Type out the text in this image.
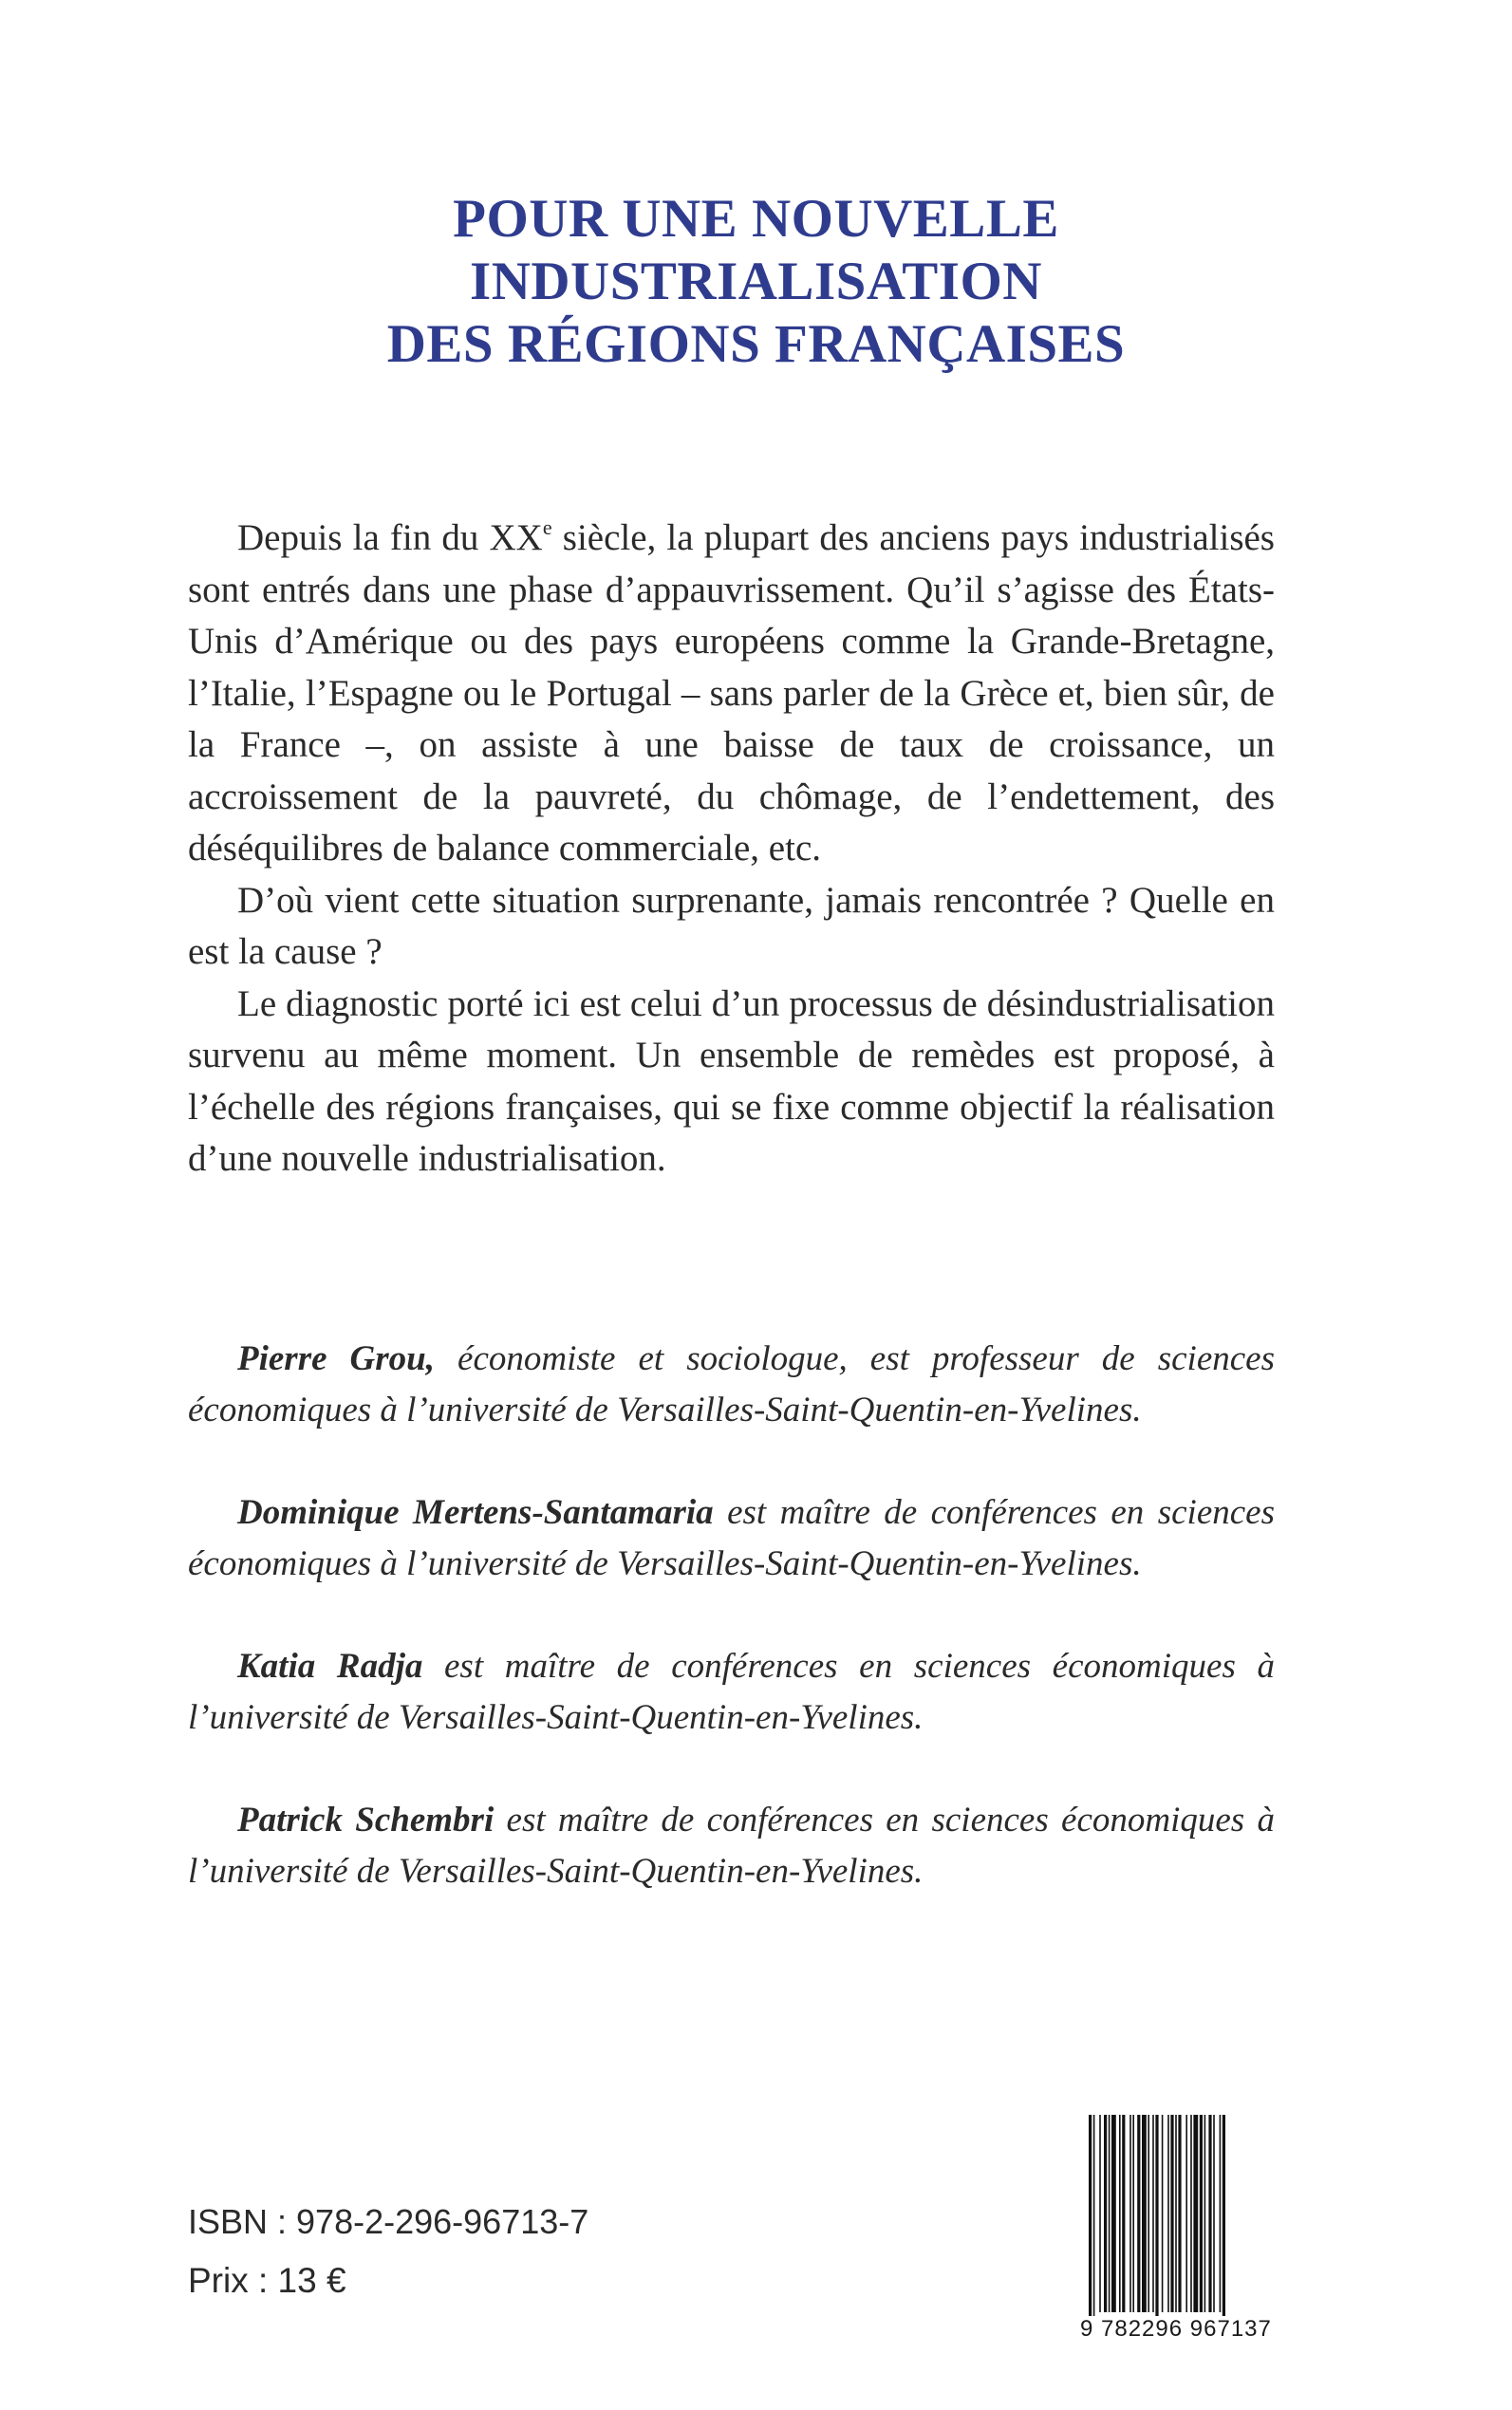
POUR UNE NOUVELLE
INDUSTRIALISATION
DES RÉGIONS FRANÇAISES

Depuis la fin du XXe siècle, la plupart des anciens pays industrialisés sont entrés dans une phase d’appauvrissement. Qu’il s’agisse des États-Unis d’Amérique ou des pays européens comme la Grande-Bretagne, l’Italie, l’Espagne ou le Portugal – sans parler de la Grèce et, bien sûr, de la France –, on assiste à une baisse de taux de croissance, un accroissement de la pauvreté, du chômage, de l’endettement, des déséquilibres de balance commerciale, etc.

D’où vient cette situation surprenante, jamais rencontrée ? Quelle en est la cause ?

Le diagnostic porté ici est celui d’un processus de désindustrialisation survenu au même moment. Un ensemble de remèdes est proposé, à l’échelle des régions françaises, qui se fixe comme objectif la réalisation d’une nouvelle industrialisation.

Pierre Grou, économiste et sociologue, est professeur de sciences économiques à l’université de Versailles-Saint-Quentin-en-Yvelines.

Dominique Mertens-Santamaria est maître de conférences en sciences économiques à l’université de Versailles-Saint-Quentin-en-Yvelines.

Katia Radja est maître de conférences en sciences économiques à l’université de Versailles-Saint-Quentin-en-Yvelines.

Patrick Schembri est maître de conférences en sciences économiques à l’université de Versailles-Saint-Quentin-en-Yvelines.

ISBN : 978-2-296-96713-7
Prix : 13 €
9 782296 967137
